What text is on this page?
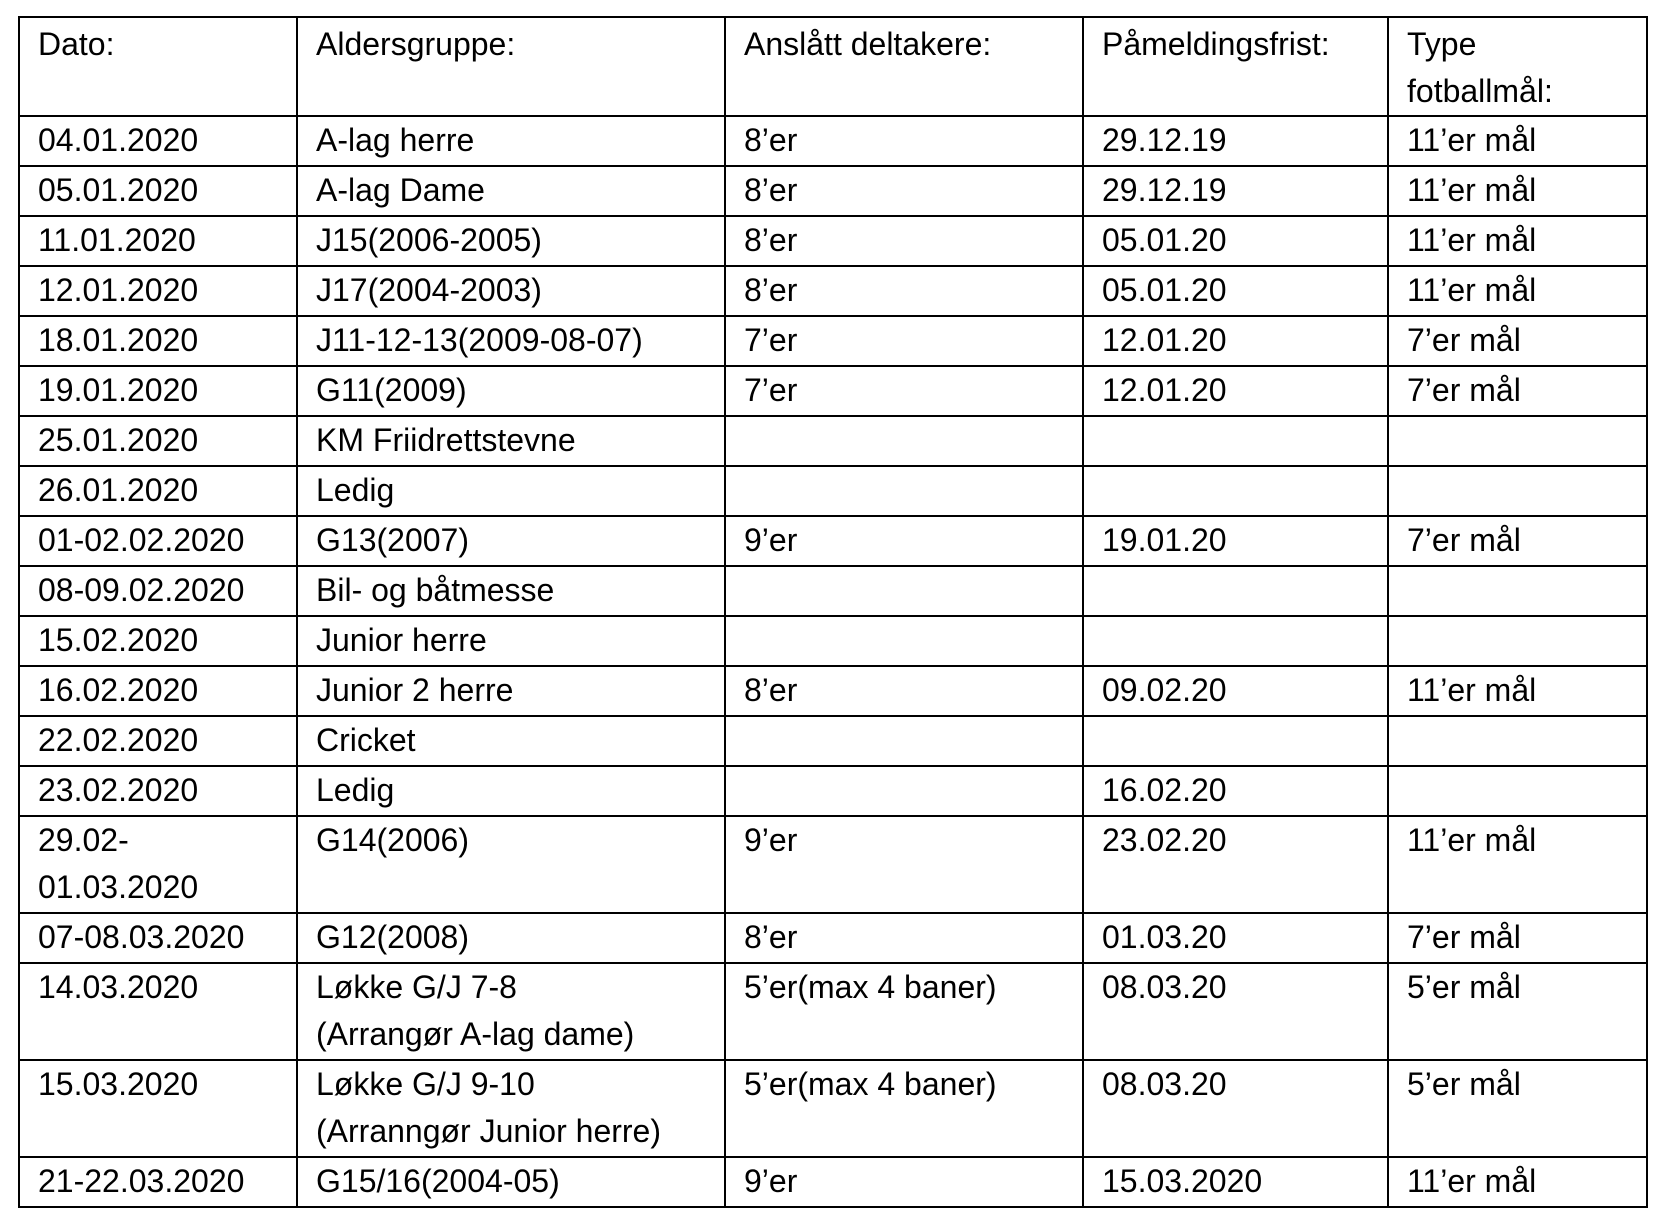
Dato:	Aldersgruppe:	Anslått deltakere:	Påmeldingsfrist:	Type
fotballmål:
04.01.2020	A-lag herre	8’er	29.12.19	11’er mål
05.01.2020	A-lag Dame	8’er	29.12.19	11’er mål
11.01.2020	J15(2006-2005)	8’er	05.01.20	11’er mål
12.01.2020	J17(2004-2003)	8’er	05.01.20	11’er mål
18.01.2020	J11-12-13(2009-08-07)	7’er	12.01.20	7’er mål
19.01.2020	G11(2009)	7’er	12.01.20	7’er mål
25.01.2020	KM Friidrettstevne			
26.01.2020	Ledig			
01-02.02.2020	G13(2007)	9’er	19.01.20	7’er mål
08-09.02.2020	Bil- og båtmesse			
15.02.2020	Junior herre			
16.02.2020	Junior 2 herre	8’er	09.02.20	11’er mål
22.02.2020	Cricket			
23.02.2020	Ledig		16.02.20	
29.02-
01.03.2020	G14(2006)	9’er	23.02.20	11’er mål
07-08.03.2020	G12(2008)	8’er	01.03.20	7’er mål
14.03.2020	Løkke G/J 7-8
(Arrangør A-lag dame)	5’er(max 4 baner)	08.03.20	5’er mål
15.03.2020	Løkke G/J 9-10
(Arranngør Junior herre)	5’er(max 4 baner)	08.03.20	5’er mål
21-22.03.2020	G15/16(2004-05)	9’er	15.03.2020	11’er mål
